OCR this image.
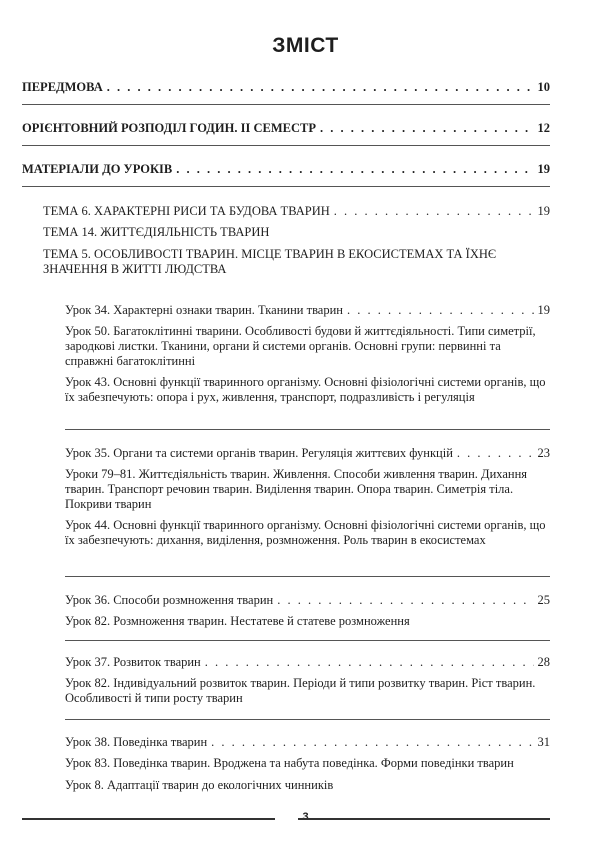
ЗМІСТ
ПЕРЕДМОВА . . .	10
ОРІЄНТОВНИЙ РОЗПОДІЛ ГОДИН. ІІ СЕМЕСТР . . .	12
МАТЕРІАЛИ ДО УРОКІВ . . .	19
ТЕМА 6. ХАРАКТЕРНІ РИСИ ТА БУДОВА ТВАРИН . . .	19
ТЕМА 14. ЖИТТЄДІЯЛЬНІСТЬ ТВАРИН
ТЕМА 5. ОСОБЛИВОСТІ ТВАРИН. МІСЦЕ ТВАРИН В ЕКОСИСТЕМАХ ТА ЇХНЄ ЗНАЧЕННЯ В ЖИТТІ ЛЮДСТВА
Урок 34. Характерні ознаки тварин. Тканини тварин . . .	19
Урок 50. Багатоклітинні тварини. Особливості будови й життєдіяльності. Типи симетрії, зародкові листки. Тканини, органи й системи органів. Основні групи: первинні та справжні багатоклітинні
Урок 43. Основні функції тваринного організму. Основні фізіологічні системи органів, що їх забезпечують: опора і рух, живлення, транспорт, подразливість і регуляція
Урок 35. Органи та системи органів тварин. Регуляція життєвих функцій . . .	23
Уроки 79–81. Життєдіяльність тварин. Живлення. Способи живлення тварин. Дихання тварин. Транспорт речовин тварин. Виділення тварин. Опора тварин. Симетрія тіла. Покриви тварин
Урок 44. Основні функції тваринного організму. Основні фізіологічні системи органів, що їх забезпечують: дихання, виділення, розмноження. Роль тварин в екосистемах
Урок 36. Способи розмноження тварин . . .	25
Урок 82. Розмноження тварин. Нестатеве й статеве розмноження
Урок 37. Розвиток тварин . . .	28
Урок 82. Індивідуальний розвиток тварин. Періоди й типи розвитку тварин. Ріст тварин. Особливості й типи росту тварин
Урок 38. Поведінка тварин . . .	31
Урок 83. Поведінка тварин. Вроджена та набута поведінка. Форми поведінки тварин
Урок 8. Адаптації тварин до екологічних чинників
3
